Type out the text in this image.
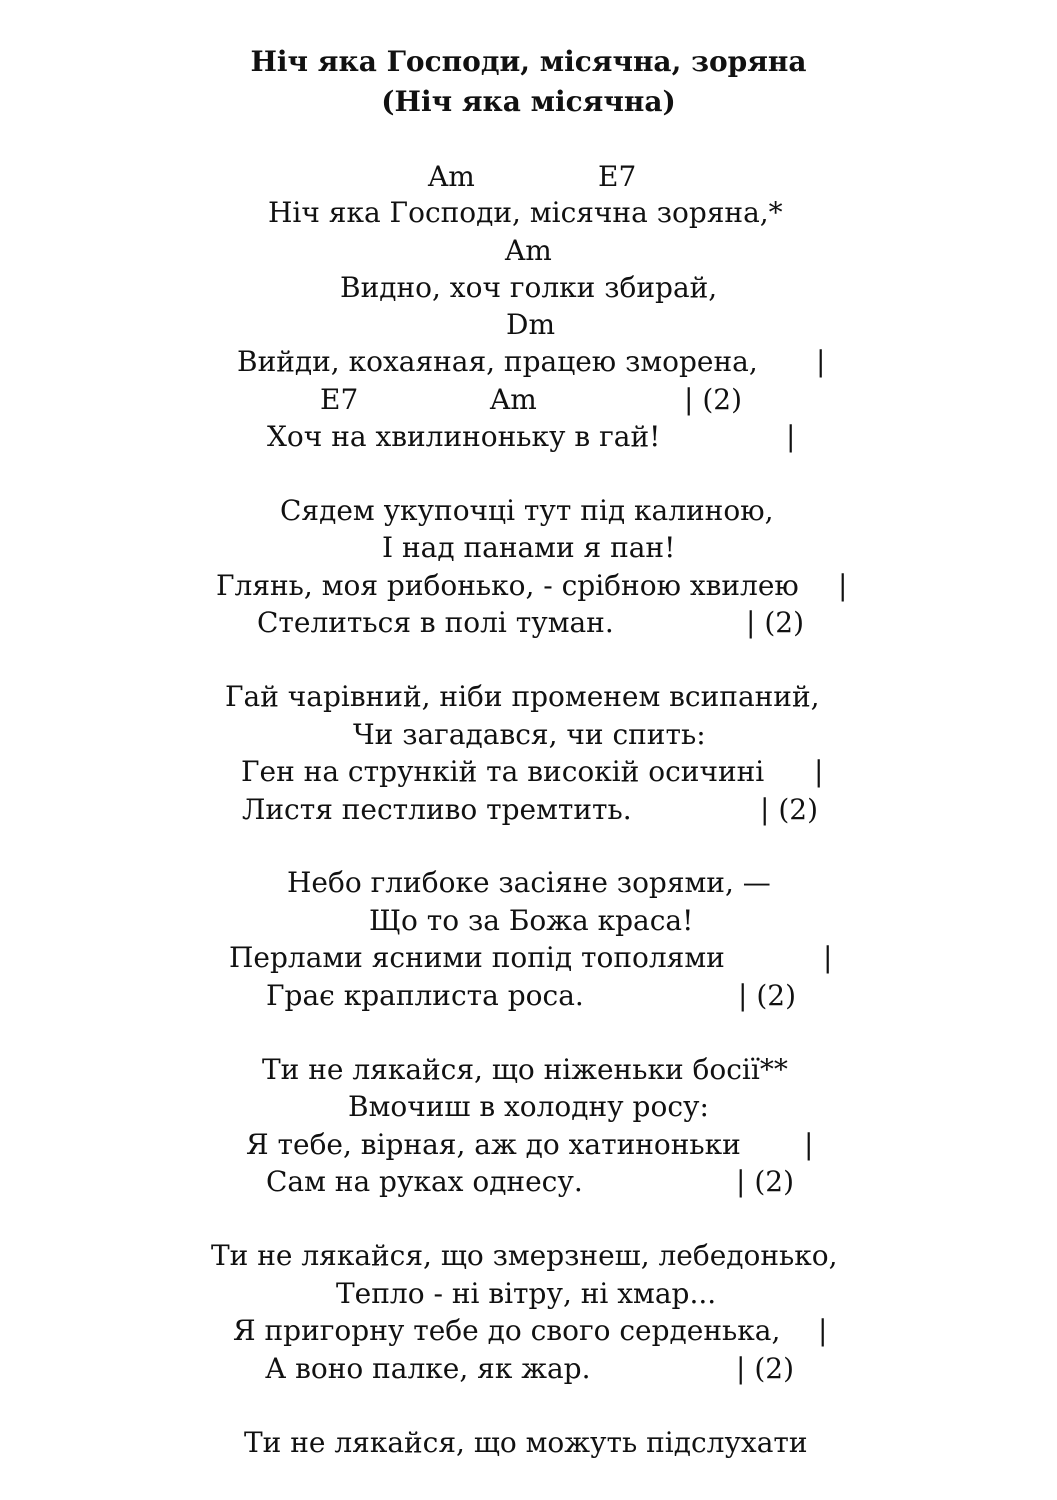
Ніч яка Господи, місячна, зоряна
(Ніч яка місячна)
Am	E7
Ніч яка Господи, місячна зоряна,*
Am
Видно, хоч голки збирай,
Dm
Вийди, кохаяная, працею зморена, |
E7	Am	| (2)
Хоч на хвилиноньку в гай!	|
Сядем укупочці тут під калиною,
І над панами я пан!
Глянь, моя рибонько, - срібною хвилею |
Стелиться в полі туман.	| (2)
Гай чарівний, ніби променем всипаний,
Чи загадався, чи спить:
Ген на стрункій та високій осичині |
Листя пестливо тремтить.	| (2)
Небо глибоке засіяне зорями, —
Що то за Божа краса!
Перлами ясними попід тополями	|
Грає краплиста роса.	| (2)
Ти не лякайся, що ніженьки босії**
Вмочиш в холодну росу:
Я тебе, вірная, аж до хатиноньки |
Сам на руках однесу.	| (2)
Ти не лякайся, що змерзнеш, лебедонько,
Тепло - ні вітру, ні хмар...
Я пригорну тебе до свого серденька, |
А воно палке, як жар.	| (2)
Ти не лякайся, що можуть підслухати
